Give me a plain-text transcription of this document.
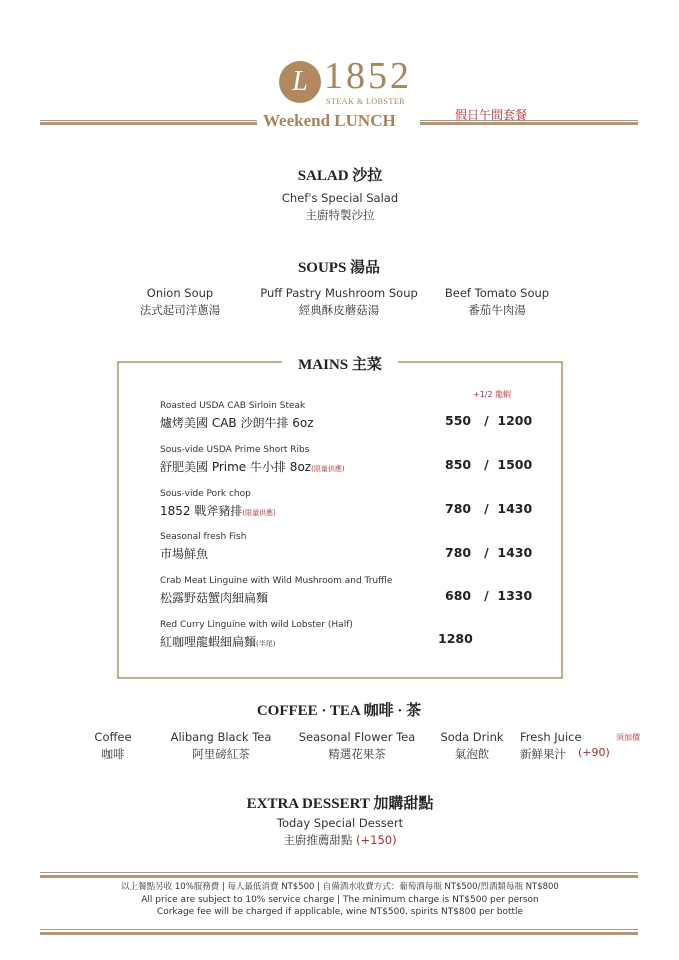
L 1852
STEAK & LOBSTER
Weekend LUNCH	假日午間套餐
SALAD 沙拉
Chef's Special Salad
主廚特製沙拉
SOUPS 湯品
Onion Soup
法式起司洋蔥湯
Puff Pastry Mushroom Soup
經典酥皮蘑菇湯
Beef Tomato Soup
番茄牛肉湯
MAINS 主菜
+1/2 龍蝦
Roasted USDA CAB Sirloin Steak
爐烤美國 CAB 沙朗牛排 6oz	550   /  1200
Sous-vide USDA Prime Short Ribs
舒肥美國 Prime 牛小排 8oz(限量供應)	850   /  1500
Sous-vide Pork chop
1852 戰斧豬排(限量供應)	780   /  1430
Seasonal fresh Fish
市場鮮魚	780   /  1430
Crab Meat Linguine with Wild Mushroom and Truffle
松露野菇蟹肉細扁麵	680   /  1330
Red Curry Linguine with wild Lobster (Half)
紅咖哩龍蝦細扁麵(半尾)	1280
COFFEE · TEA 咖啡 · 茶
Coffee
咖啡
Alibang Black Tea
阿里磅紅茶
Seasonal Flower Tea
精選花果茶
Soda Drink
氣泡飲
Fresh Juice
新鮮果汁
須加價
(+90)
EXTRA DESSERT 加購甜點
Today Special Dessert
主廚推薦甜點 (+150)
以上餐點另收 10%服務費 | 每人最低消費 NT$500 | 自備酒水收費方式：葡萄酒每瓶 NT$500/烈酒類每瓶 NT$800
All price are subject to 10% service charge | The minimum charge is NT$500 per person
Corkage fee will be charged if applicable, wine NT$500, spirits NT$800 per bottle
